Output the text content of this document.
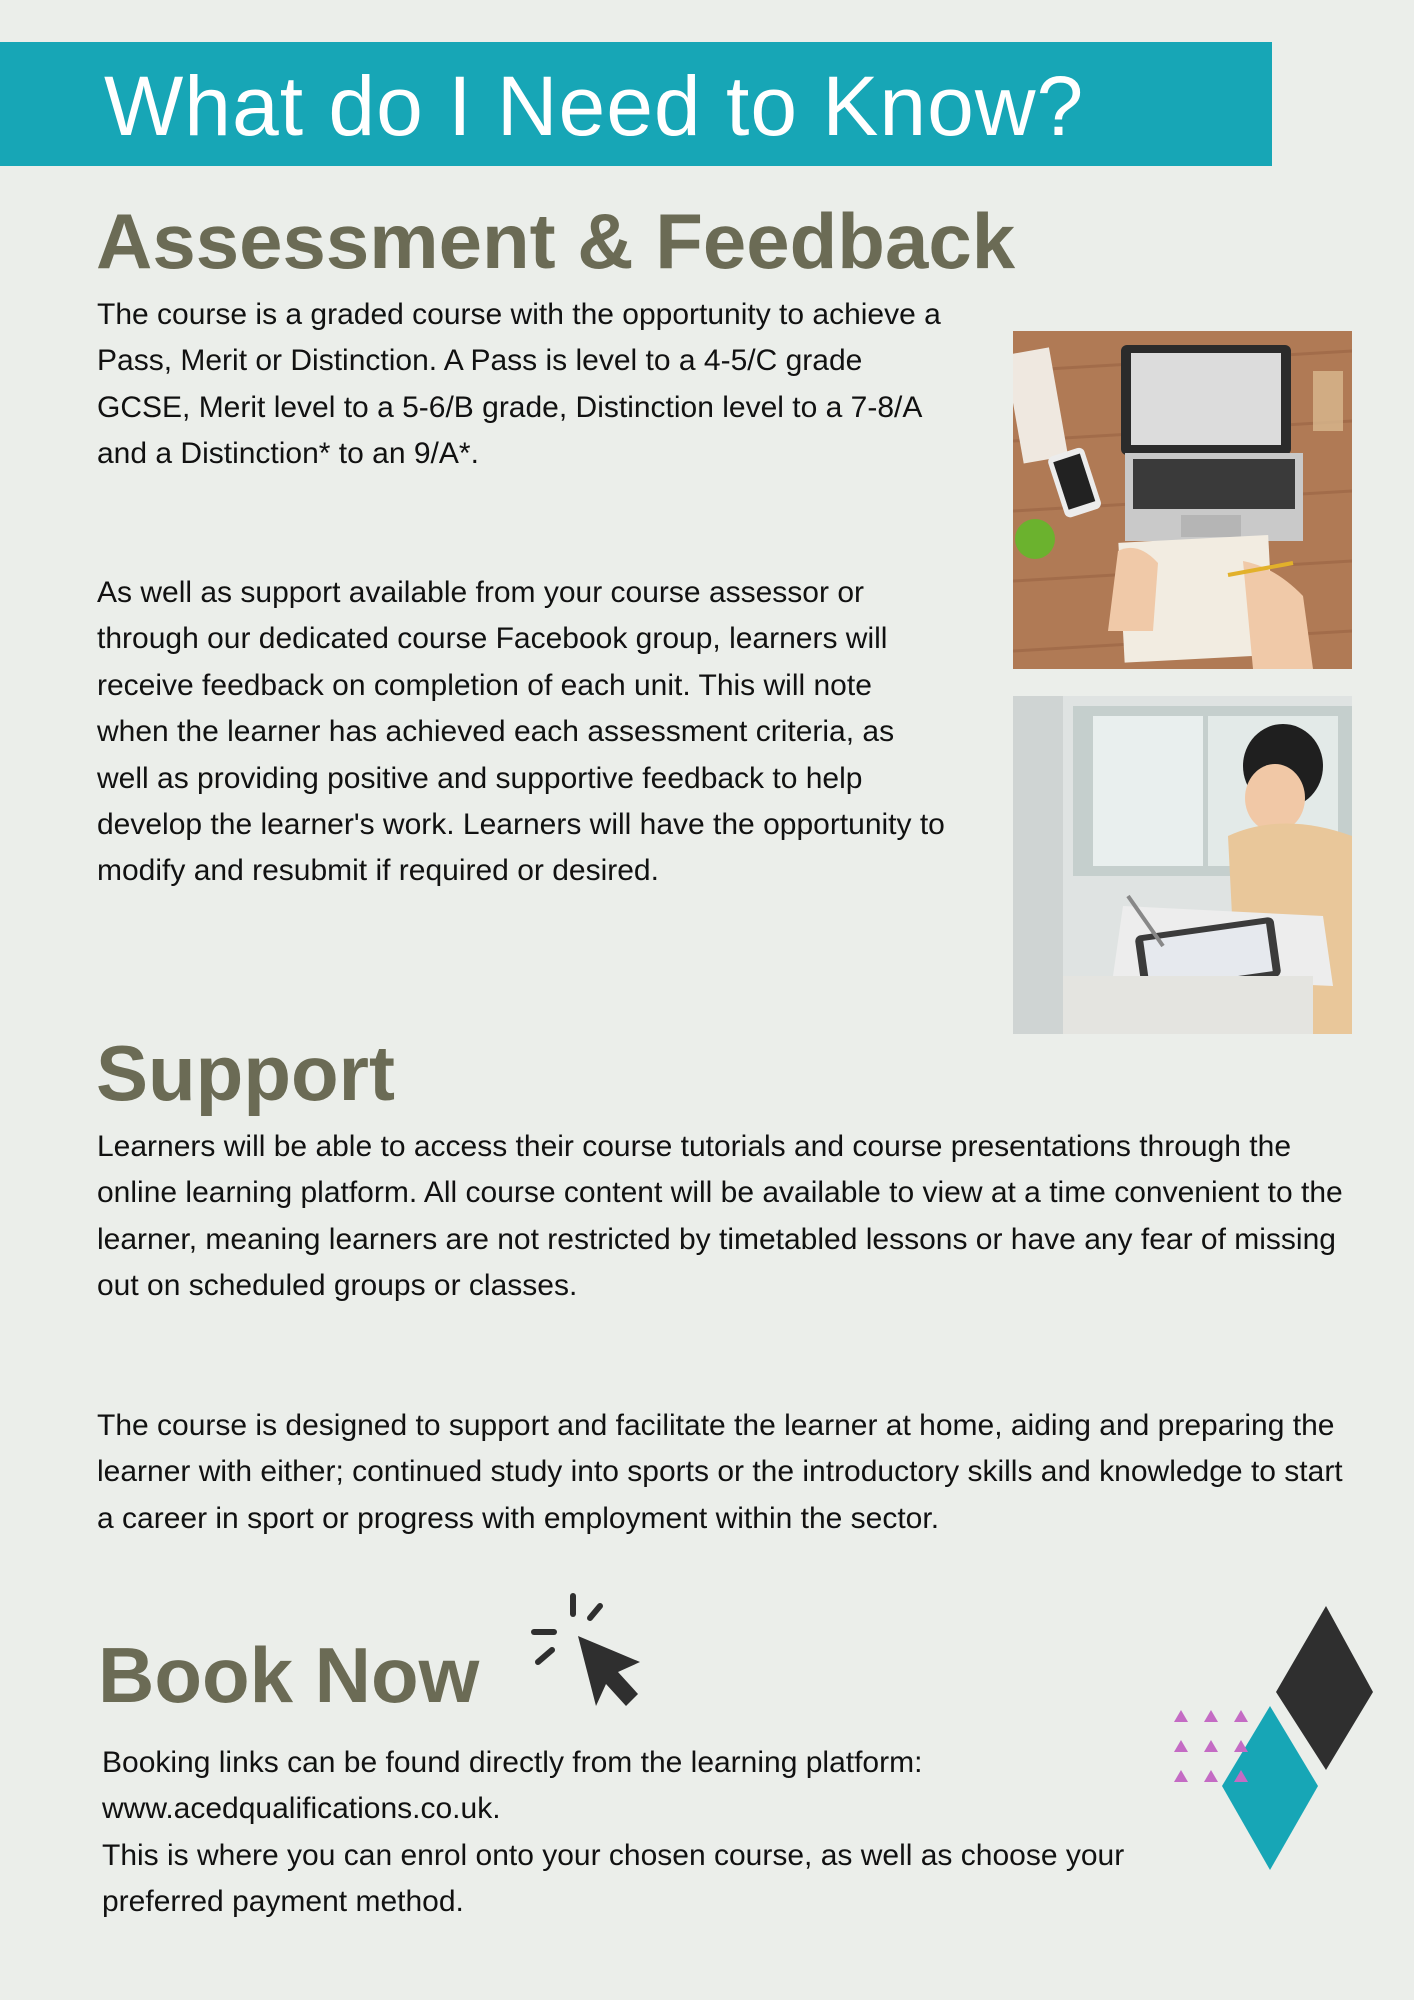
What do I Need to Know?
Assessment & Feedback

The course is a graded course with the opportunity to achieve a Pass, Merit or Distinction. A Pass is level to a 4-5/C grade GCSE, Merit level to a 5-6/B grade, Distinction level to a 7-8/A and a Distinction* to an 9/A*.

As well as support available from your course assessor or through our dedicated course Facebook group, learners will receive feedback on completion of each unit. This will note when the learner has achieved each assessment criteria, as well as providing positive and supportive feedback to help develop the learner's work. Learners will have the opportunity to modify and resubmit if required or desired.

Support

Learners will be able to access their course tutorials and course presentations through the online learning platform. All course content will be available to view at a time convenient to the learner, meaning learners are not restricted by timetabled lessons or have any fear of missing out on scheduled groups or classes.

The course is designed to support and facilitate the learner at home, aiding and preparing the learner with either; continued study into sports or the introductory skills and knowledge to start a career in sport or progress with employment within the sector.

Book Now

Booking links can be found directly from the learning platform: www.acedqualifications.co.uk.

This is where you can enrol onto your chosen course, as well as choose your preferred payment method.
